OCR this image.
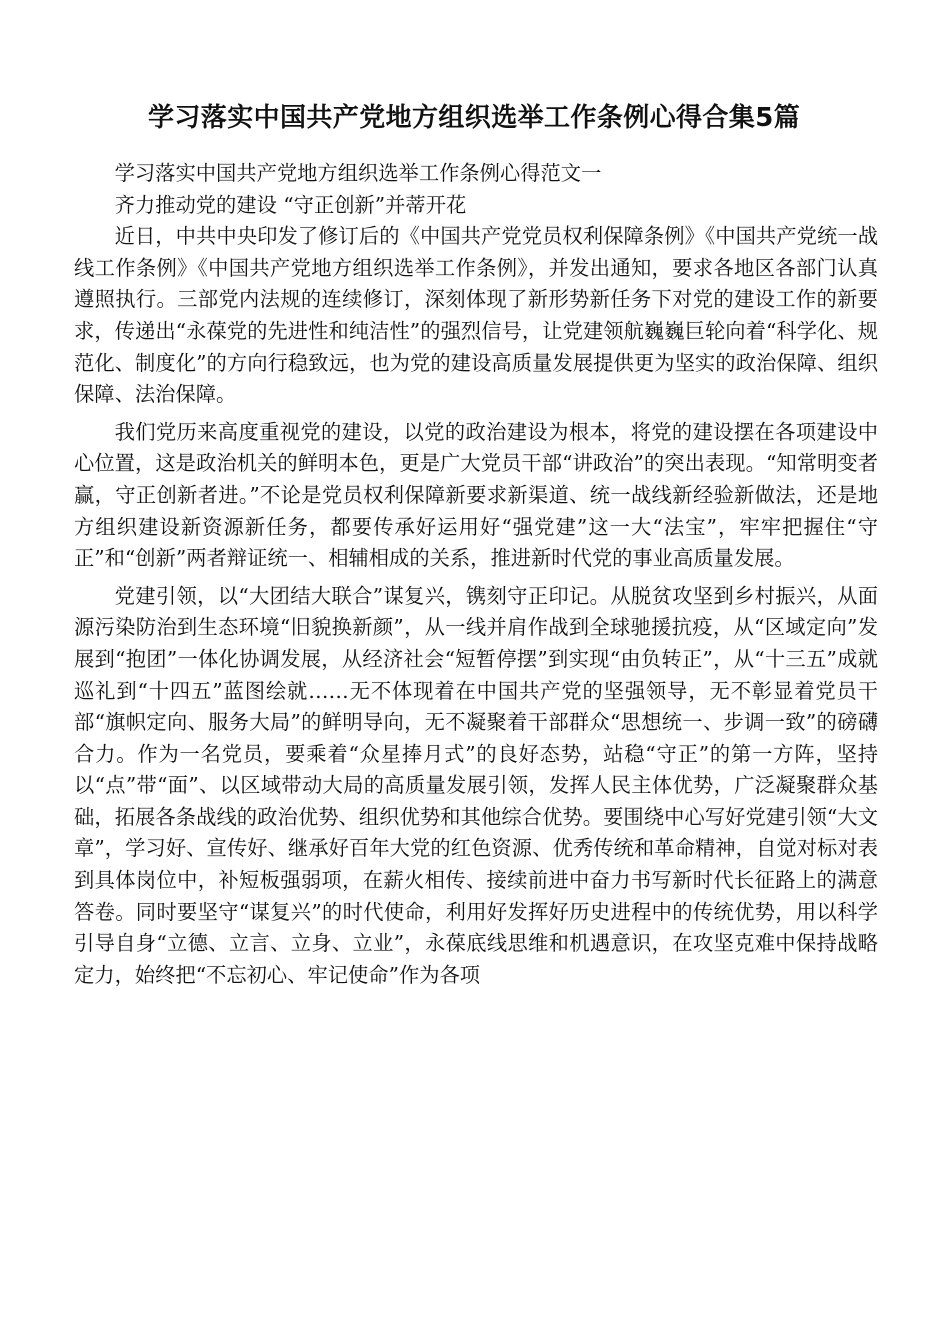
学习落实中国共产党地方组织选举工作条例心得合集5篇

学习落实中国共产党地方组织选举工作条例心得范文一

齐力推动党的建设 “守正创新”并蒂开花

近日，中共中央印发了修订后的《中国共产党党员权利保障条例》《中国共产党统一战线工作条例》《中国共产党地方组织选举工作条例》，并发出通知，要求各地区各部门认真遵照执行。三部党内法规的连续修订，深刻体现了新形势新任务下对党的建设工作的新要求，传递出“永葆党的先进性和纯洁性”的强烈信号，让党建领航巍巍巨轮向着“科学化、规范化、制度化”的方向行稳致远，也为党的建设高质量发展提供更为坚实的政治保障、组织保障、法治保障。

我们党历来高度重视党的建设，以党的政治建设为根本，将党的建设摆在各项建设中心位置，这是政治机关的鲜明本色，更是广大党员干部“讲政治”的突出表现。“知常明变者赢，守正创新者进。”不论是党员权利保障新要求新渠道、统一战线新经验新做法，还是地方组织建设新资源新任务，都要传承好运用好“强党建”这一大“法宝”，牢牢把握住“守正”和“创新”两者辩证统一、相辅相成的关系，推进新时代党的事业高质量发展。

党建引领，以“大团结大联合”谋复兴，镌刻守正印记。从脱贫攻坚到乡村振兴，从面源污染防治到生态环境“旧貌换新颜”，从一线并肩作战到全球驰援抗疫，从“区域定向”发展到“抱团”一体化协调发展，从经济社会“短暂停摆”到实现“由负转正”，从“十三五”成就巡礼到“十四五”蓝图绘就……无不体现着在中国共产党的坚强领导，无不彰显着党员干部“旗帜定向、服务大局”的鲜明导向，无不凝聚着干部群众“思想统一、步调一致”的磅礴合力。作为一名党员，要乘着“众星捧月式”的良好态势，站稳“守正”的第一方阵，坚持以“点”带“面”、以区域带动大局的高质量发展引领，发挥人民主体优势，广泛凝聚群众基础，拓展各条战线的政治优势、组织优势和其他综合优势。要围绕中心写好党建引领“大文章”，学习好、宣传好、继承好百年大党的红色资源、优秀传统和革命精神，自觉对标对表到具体岗位中，补短板强弱项，在薪火相传、接续前进中奋力书写新时代长征路上的满意答卷。同时要坚守“谋复兴”的时代使命，利用好发挥好历史进程中的传统优势，用以科学引导自身“立德、立言、立身、立业”，永葆底线思维和机遇意识，在攻坚克难中保持战略定力，始终把“不忘初心、牢记使命”作为各项
